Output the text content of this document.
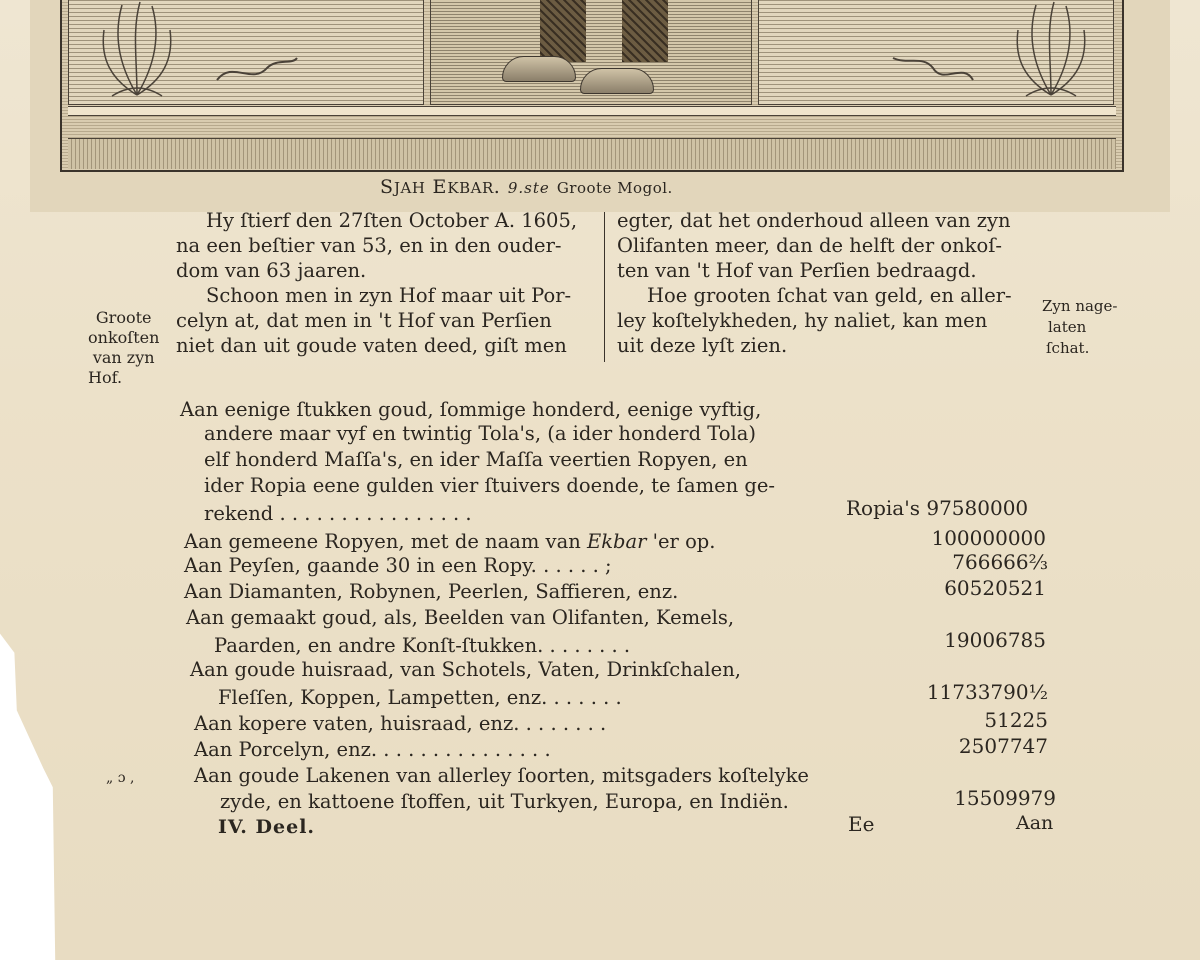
SJAH EKBAR. 9.ste Groote Mogol.
Hy ſtierf den 27ſten October A. 1605,
na een beſtier van 53, en in den ouder-
dom van 63 jaaren.
Schoon men in zyn Hof maar uit Por-
celyn at, dat men in 't Hof van Perſien
niet dan uit goude vaten deed, giſt men
egter, dat het onderhoud alleen van zyn
Olifanten meer, dan de helft der onkoſ-
ten van 't Hof van Perſien bedraagd.
Hoe grooten ſchat van geld, en aller-
ley koſtelykheden, hy naliet, kan men
uit deze lyſt zien.
Groote
onkoſten
van zyn
Hof.
Zyn nage-
laten
ſchat.
„ ɔ ,
Aan eenige ſtukken goud, ſommige honderd, eenige vyftig,
andere maar vyf en twintig Tola's, (a ider honderd Tola)
elf honderd Maſſa's, en ider Maſſa veertien Ropyen, en
ider Ropia eene gulden vier ſtuivers doende, te ſamen ge-
rekend . . . . . . . . . . . . . . . .	Ropia's 97580000
Aan gemeene Ropyen, met de naam van Ekbar 'er op.	100000000
Aan Peyſen, gaande 30 in een Ropy. . . . . . ;	766666⅔
Aan Diamanten, Robynen, Peerlen, Saffieren, enz.	60520521
Aan gemaakt goud, als, Beelden van Olifanten, Kemels,
Paarden, en andre Konſt-ſtukken. . . . . . . .	19006785
Aan goude huisraad, van Schotels, Vaten, Drinkſchalen,
Fleſſen, Koppen, Lampetten, enz. . . . . . .	11733790½
Aan kopere vaten, huisraad, enz. . . . . . . .	51225
Aan Porcelyn, enz. . . . . . . . . . . . . . .	2507747
Aan goude Lakenen van allerley ſoorten, mitsgaders koſtelyke
zyde, en kattoene ſtoffen, uit Turkyen, Europa, en Indiën.	15509979
IV. Deel.	Ee	Aan
